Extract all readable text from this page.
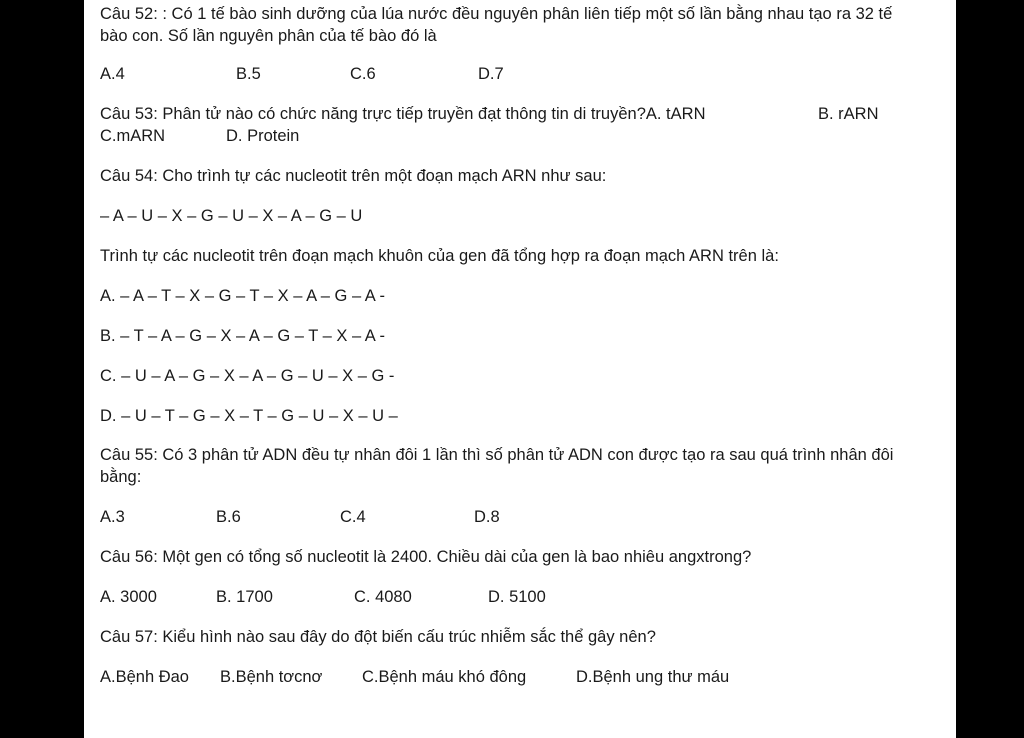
Câu 52: : Có 1 tế bào sinh dưỡng của lúa nước đều nguyên phân liên tiếp một số lần bằng nhau tạo ra 32 tế bào con. Số lần nguyên phân của tế bào đó là

A.4	B.5	C.6	D.7
Câu 53: Phân tử nào có chức năng trực tiếp truyền đạt thông tin di truyền?A. tARN	B. rARN
C.mARN	D. Protein
Câu 54: Cho trình tự các nucleotit trên một đoạn mạch ARN như sau:
– A – U – X – G – U – X – A – G – U
Trình tự các nucleotit trên đoạn mạch khuôn của gen đã tổng hợp ra đoạn mạch ARN trên là:
A. – A – T – X – G – T – X – A – G – A -
B. – T – A – G – X – A – G – T – X – A -
C. – U – A – G – X – A – G – U – X – G -
D. – U – T – G – X – T – G – U – X – U –

Câu 55: Có 3 phân tử ADN đều tự nhân đôi 1 lần thì số phân tử ADN con được tạo ra sau quá trình nhân đôi bằng:

A.3	B.6	C.4	D.8
Câu 56: Một gen có tổng số nucleotit là 2400. Chiều dài của gen là bao nhiêu angxtrong?
A. 3000	B. 1700	C. 4080	D. 5100
Câu 57: Kiểu hình nào sau đây do đột biến cấu trúc nhiễm sắc thể gây nên?
A.Bệnh Đao	B.Bệnh tơcnơ	C.Bệnh máu khó đông	D.Bệnh ung thư máu
